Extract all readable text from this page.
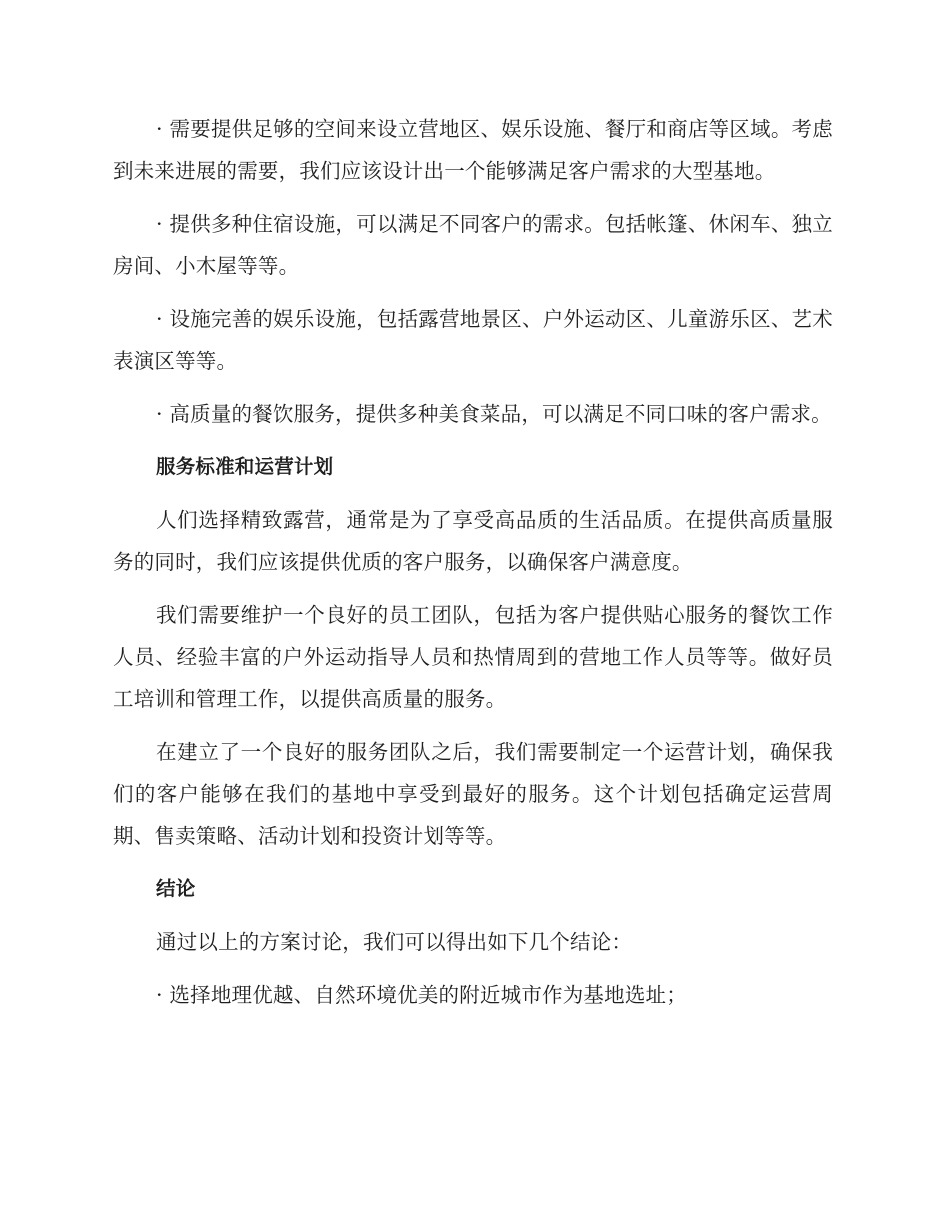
· 需要提供足够的空间来设立营地区、娱乐设施、餐厅和商店等区域。考虑到未来进展的需要，我们应该设计出一个能够满足客户需求的大型基地。

· 提供多种住宿设施，可以满足不同客户的需求。包括帐篷、休闲车、独立房间、小木屋等等。

· 设施完善的娱乐设施，包括露营地景区、户外运动区、儿童游乐区、艺术表演区等等。

· 高质量的餐饮服务，提供多种美食菜品，可以满足不同口味的客户需求。

服务标准和运营计划

人们选择精致露营，通常是为了享受高品质的生活品质。在提供高质量服务的同时，我们应该提供优质的客户服务，以确保客户满意度。

我们需要维护一个良好的员工团队，包括为客户提供贴心服务的餐饮工作人员、经验丰富的户外运动指导人员和热情周到的营地工作人员等等。做好员工培训和管理工作，以提供高质量的服务。

在建立了一个良好的服务团队之后，我们需要制定一个运营计划，确保我们的客户能够在我们的基地中享受到最好的服务。这个计划包括确定运营周期、售卖策略、活动计划和投资计划等等。

结论

通过以上的方案讨论，我们可以得出如下几个结论：

· 选择地理优越、自然环境优美的附近城市作为基地选址；
